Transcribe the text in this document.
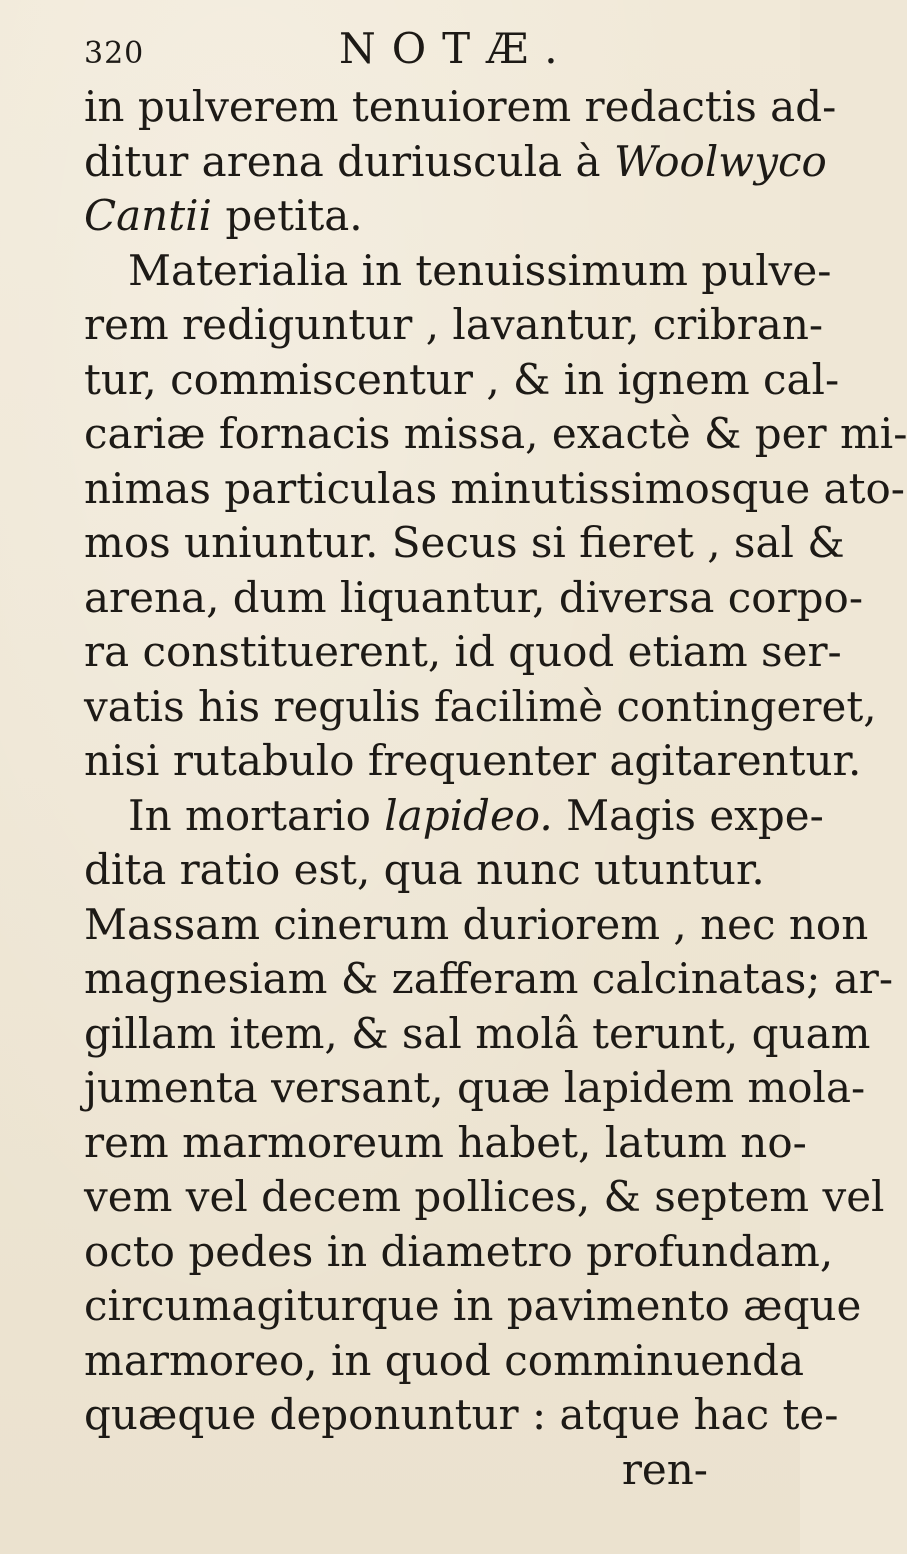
320	NOTÆ.
in pulverem tenuiorem redactis ad-
ditur arena duriuscula à Woolwyco
Cantii petita.
Materialia in tenuissimum pulve-
rem rediguntur , lavantur, cribran-
tur, commiscentur , & in ignem cal-
cariæ fornacis missa, exactè & per mi-
nimas particulas minutissimosque ato-
mos uniuntur. Secus si fieret , sal &
arena, dum liquantur, diversa corpo-
ra constituerent, id quod etiam ser-
vatis his regulis facilimè contingeret,
nisi rutabulo frequenter agitarentur.
In mortario lapideo. Magis expe-
dita ratio est, qua nunc utuntur.
Massam cinerum duriorem , nec non
magnesiam & zafferam calcinatas; ar-
gillam item, & sal molâ terunt, quam
jumenta versant, quæ lapidem mola-
rem marmoreum habet, latum no-
vem vel decem pollices, & septem vel
octo pedes in diametro profundam,
circumagiturque in pavimento æque
marmoreo, in quod comminuenda
quæque deponuntur : atque hac te-
ren-
